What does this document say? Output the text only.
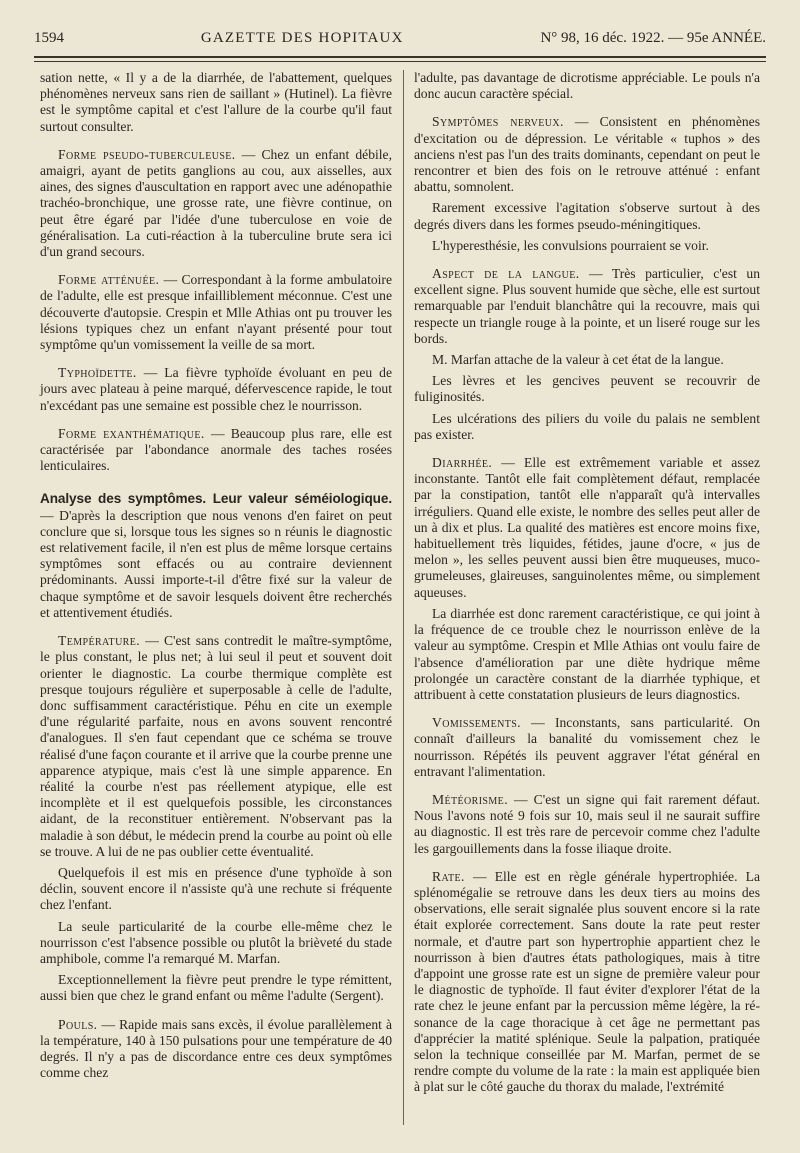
1594	GAZETTE DES HOPITAUX	N° 98, 16 déc. 1922. — 95e ANNÉE.

sation nette, « Il y a de la diarrhée, de l'abattement, quelques phénomènes nerveux sans rien de saillant » (Hutinel). La fièvre est le symptôme capital et c'est l'allure de la courbe qu'il faut surtout consulter.

Forme pseudo-tuberculeuse. — Chez un enfant débile, amaigri, ayant de petits ganglions au cou, aux aisselles, aux aines, des signes d'auscultation en rapport avec une adénopathie trachéo-bronchique, une grosse rate, une fièvre continue, on peut être égaré par l'idée d'une tuberculose en voie de généralisation. La cuti-réaction à la tuberculine brute sera ici d'un grand secours.

Forme atténuée. — Correspondant à la forme ambulatoire de l'adulte, elle est presque infailliblement méconnue. C'est une découverte d'autopsie. Crespin et Mlle Athias ont pu trouver les lésions typiques chez un enfant n'ayant présenté pour tout symptôme qu'un vomissement la veille de sa mort.

Typhoïdette. — La fièvre typhoïde évoluant en peu de jours avec plateau à peine marqué, défervescence rapide, le tout n'excédant pas une semaine est possible chez le nourrisson.

Forme exanthématique. — Beaucoup plus rare, elle est caractérisée par l'abondance anormale des taches rosées lenticulaires.

Analyse des symptômes. Leur valeur séméiologique. — D'après la description que nous venons d'en fairet on peut conclure que si, lorsque tous les signes so n réunis le diagnostic est relativement facile, il n'en est plus de même lorsque certains symptômes sont effacés ou au contraire deviennent prédominants. Aussi importe-t-il d'être fixé sur la valeur de chaque symptôme et de savoir lesquels doivent être recherchés et attentivement étudiés.

Température. — C'est sans contredit le maître-symptôme, le plus constant, le plus net; à lui seul il peut et souvent doit orienter le diagnostic. La courbe thermique complète est presque toujours régulière et superposable à celle de l'adulte, donc suffisamment caractéristique. Péhu en cite un exemple d'une régularité parfaite, nous en avons souvent rencontré d'analogues. Il s'en faut cependant que ce schéma se trouve réalisé d'une façon courante et il arrive que la courbe prenne une apparence atypique, mais c'est là une simple apparence. En réalité la courbe n'est pas réellement atypique, elle est incomplète et il est quelquefois possible, les circonstances aidant, de la reconstituer entièrement. N'observant pas la maladie à son début, le médecin prend la courbe au point où elle se trouve. A lui de ne pas oublier cette éventualité.

Quelquefois il est mis en présence d'une typhoïde à son déclin, souvent encore il n'assiste qu'à une rechute si fréquente chez l'enfant.

La seule particularité de la courbe elle-même chez le nourrisson c'est l'absence possible ou plutôt la brièveté du stade amphibole, comme l'a remarqué M. Marfan.

Exceptionnellement la fièvre peut prendre le type rémittent, aussi bien que chez le grand enfant ou même l'adulte (Sergent).

Pouls. — Rapide mais sans excès, il évolue parallèlement à la température, 140 à 150 pulsations pour une température de 40 degrés. Il n'y a pas de discordance entre ces deux symptômes comme chez

l'adulte, pas davantage de dicrotisme appréciable. Le pouls n'a donc aucun caractère spécial.

Symptômes nerveux. — Consistent en phénomènes d'excitation ou de dépression. Le véritable « tuphos » des anciens n'est pas l'un des traits dominants, cependant on peut le rencontrer et bien des fois on le retrouve atténué : enfant abattu, somnolent.

Rarement excessive l'agitation s'observe surtout à des degrés divers dans les formes pseudo-méningitiques.

L'hyperesthésie, les convulsions pourraient se voir.

Aspect de la langue. — Très particulier, c'est un excellent signe. Plus souvent humide que sèche, elle est surtout remarquable par l'enduit blanchâtre qui la recouvre, mais qui respecte un triangle rouge à la pointe, et un liseré rouge sur les bords.

M. Marfan attache de la valeur à cet état de la langue.

Les lèvres et les gencives peuvent se recouvrir de fuliginosités.

Les ulcérations des piliers du voile du palais ne semblent pas exister.

Diarrhée. — Elle est extrêmement variable et assez inconstante. Tantôt elle fait complètement défaut, remplacée par la constipation, tantôt elle n'apparaît qu'à intervalles irréguliers. Quand elle existe, le nombre des selles peut aller de un à dix et plus. La qualité des matières est encore moins fixe, habituellement très liquides, fétides, jaune d'ocre, « jus de melon », les selles peuvent aussi bien être muqueuses, muco-grumeleuses, glaireuses, sanguinolentes même, ou simplement aqueuses.

La diarrhée est donc rarement caractéristique, ce qui joint à la fréquence de ce trouble chez le nourrisson enlève de la valeur au symptôme. Crespin et Mlle Athias ont voulu faire de l'absence d'amélioration par une diète hydrique même prolongée un caractère constant de la diarrhée typhique, et attribuent à cette constatation plusieurs de leurs diagnostics.

Vomissements. — Inconstants, sans particularité. On connaît d'ailleurs la banalité du vomissement chez le nourrisson. Répétés ils peuvent aggraver l'état général en entravant l'alimentation.

Météorisme. — C'est un signe qui fait rarement défaut. Nous l'avons noté 9 fois sur 10, mais seul il ne saurait suffire au diagnostic. Il est très rare de percevoir comme chez l'adulte les gargouillements dans la fosse iliaque droite.

Rate. — Elle est en règle générale hypertrophiée. La splénomégalie se retrouve dans les deux tiers au moins des observations, elle serait signalée plus souvent encore si la rate était explorée correctement. Sans doute la rate peut rester normale, et d'autre part son hypertrophie appartient chez le nourrisson à bien d'autres états pathologiques, mais à titre d'appoint une grosse rate est un signe de première valeur pour le diagnostic de typhoïde. Il faut éviter d'explorer l'état de la rate chez le jeune enfant par la percussion même légère, la résonance de la cage thoracique à cet âge ne permettant pas d'apprécier la matité splénique. Seule la palpation, pratiquée selon la technique conseillée par M. Marfan, permet de se rendre compte du volume de la rate : la main est appliquée bien à plat sur le côté gauche du thorax du malade, l'extrémité
